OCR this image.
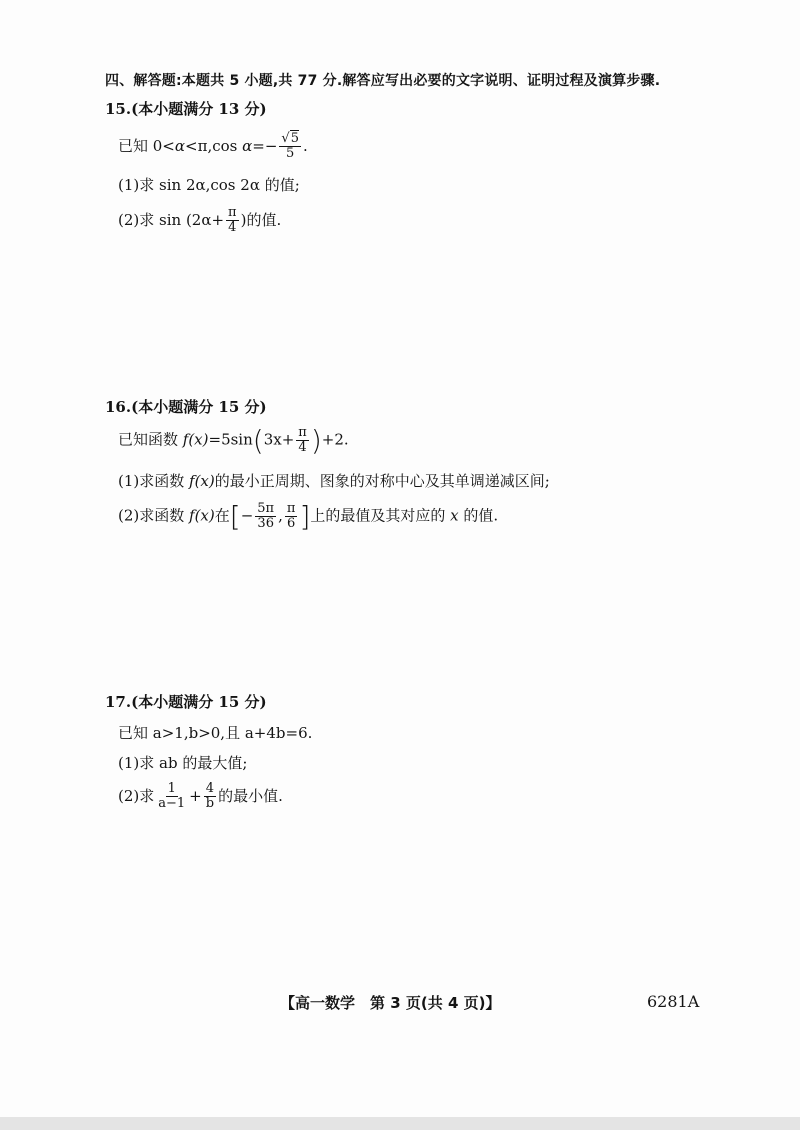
四、解答题:本题共 5 小题,共 77 分.解答应写出必要的文字说明、证明过程及演算步骤.
15.(本小题满分 13 分)
已知 0<α<π,cos $\alpha=- \frac{√5}{5}$ .
(1)求 sin 2α,cos 2α 的值;
(2)求 $\sin (2\alpha+ \frac{\pi}{4}$ )的值.
16.(本小题满分 15 分)
已知函数 $f(x)=5\sin(3x+ \frac{\pi}{4} )+2$.
(1)求函数 f(x)的最小正周期、图象的对称中心及其单调递减区间;
(2)求函数 f(x)在[− $\frac{5\pi}{36}$ , $\frac{\pi}{6}$ ]上的最值及其对应的 x 的值.
17.(本小题满分 15 分)
已知 a>1,b>0,且 a+4b=6.
(1)求 ab 的最大值;
(2)求 $\frac{1}{a-1} + \frac{4}{b}$ 的最小值.
【高一数学　第 3 页(共 4 页)】	6281A
